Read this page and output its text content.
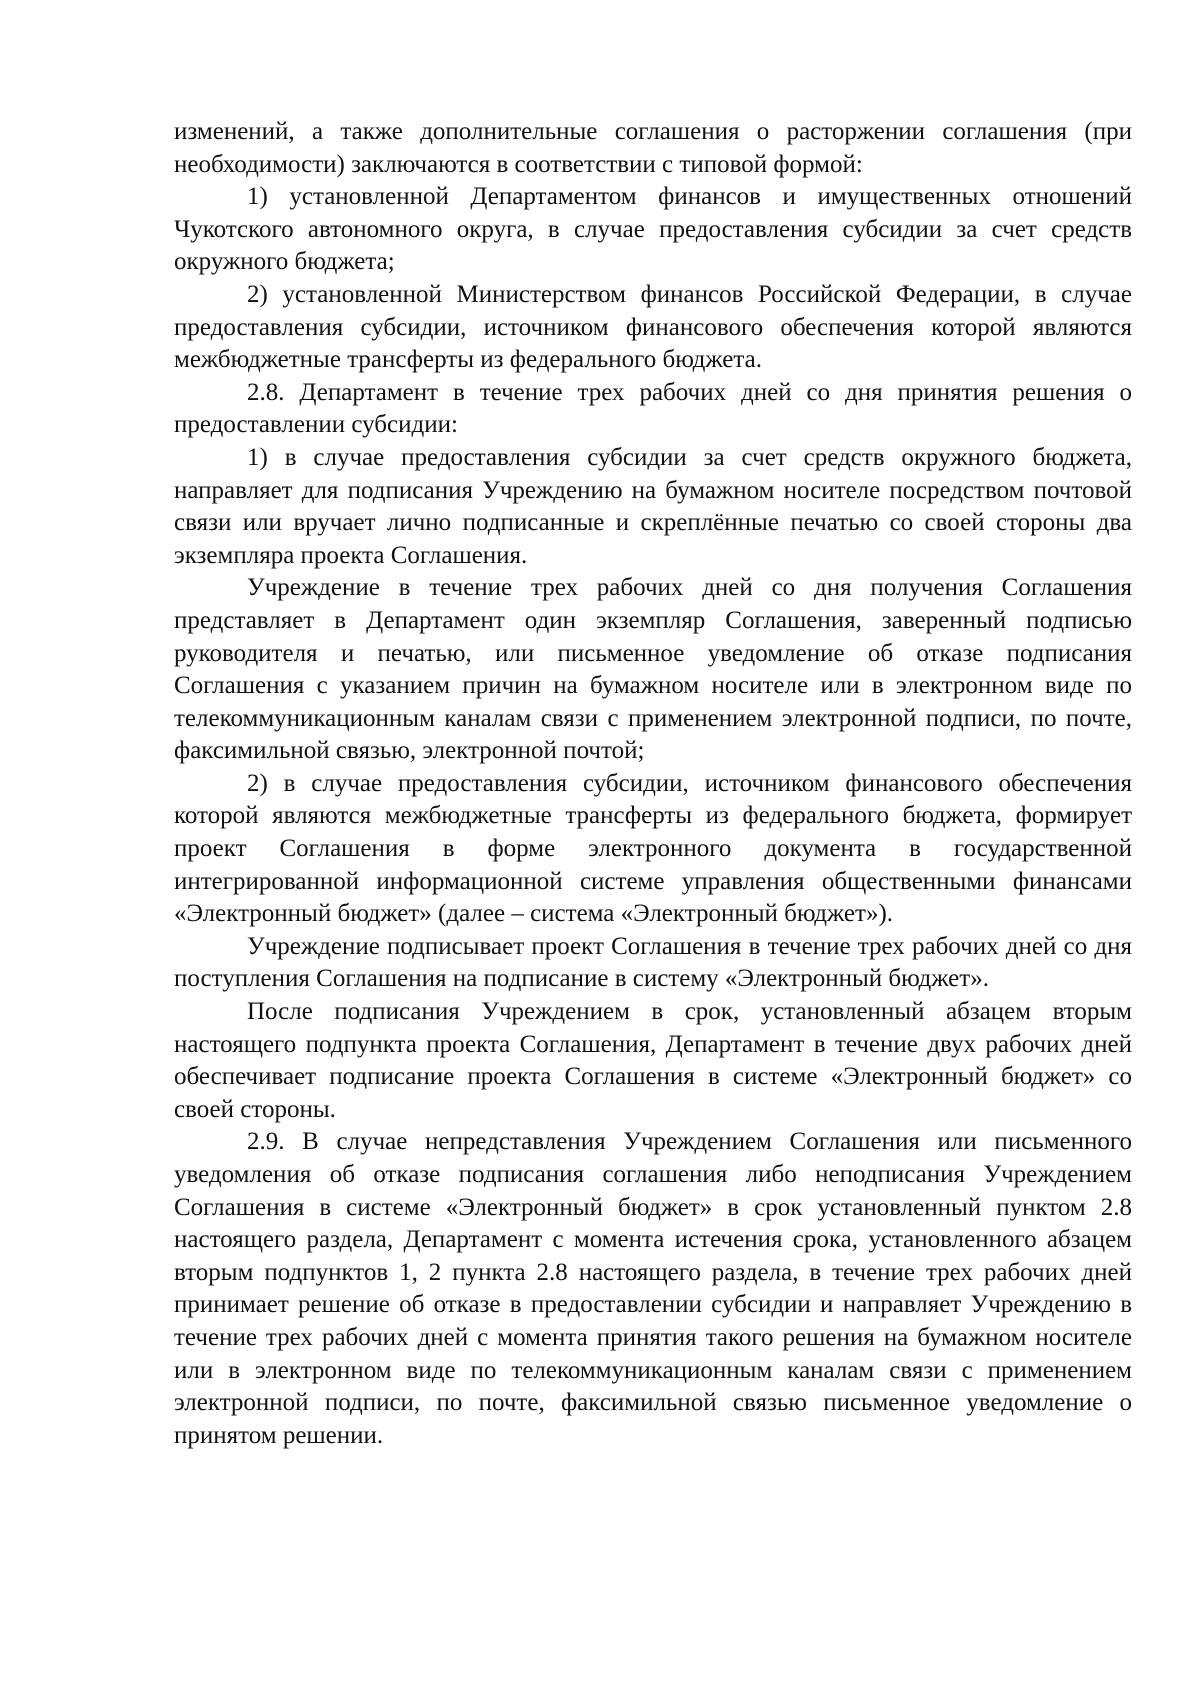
изменений, а также дополнительные соглашения о расторжении соглашения (при необходимости) заключаются в соответствии с типовой формой:

1) установленной Департаментом финансов и имущественных отношений Чукотского автономного округа, в случае предоставления субсидии за счет средств окружного бюджета;

2) установленной Министерством финансов Российской Федерации, в случае предоставления субсидии, источником финансового обеспечения которой являются межбюджетные трансферты из федерального бюджета.

2.8. Департамент в течение трех рабочих дней со дня принятия решения о предоставлении субсидии:

1) в случае предоставления субсидии за счет средств окружного бюджета, направляет для подписания Учреждению на бумажном носителе посредством почтовой связи или вручает лично подписанные и скреплённые печатью со своей стороны два экземпляра проекта Соглашения.

Учреждение в течение трех рабочих дней со дня получения Соглашения представляет в Департамент один экземпляр Соглашения, заверенный подписью руководителя и печатью, или письменное уведомление об отказе подписания Соглашения с указанием причин на бумажном носителе или в электронном виде по телекоммуникационным каналам связи с применением электронной подписи, по почте, факсимильной связью, электронной почтой;

2) в случае предоставления субсидии, источником финансового обеспечения которой являются межбюджетные трансферты из федерального бюджета, формирует проект Соглашения в форме электронного документа в государственной интегрированной информационной системе управления общественными финансами «Электронный бюджет» (далее – система «Электронный бюджет»).

Учреждение подписывает проект Соглашения в течение трех рабочих дней со дня поступления Соглашения на подписание в систему «Электронный бюджет».

После подписания Учреждением в срок, установленный абзацем вторым настоящего подпункта проекта Соглашения, Департамент в течение двух рабочих дней обеспечивает подписание проекта Соглашения в системе «Электронный бюджет» со своей стороны.

2.9. В случае непредставления Учреждением Соглашения или письменного уведомления об отказе подписания соглашения либо неподписания Учреждением Соглашения в системе «Электронный бюджет» в срок установленный пунктом 2.8 настоящего раздела, Департамент с момента истечения срока, установленного абзацем вторым подпунктов 1, 2 пункта 2.8 настоящего раздела, в течение трех рабочих дней принимает решение об отказе в предоставлении субсидии и направляет Учреждению в течение трех рабочих дней с момента принятия такого решения на бумажном носителе или в электронном виде по телекоммуникационным каналам связи с применением электронной подписи, по почте, факсимильной связью письменное уведомление о принятом решении.
